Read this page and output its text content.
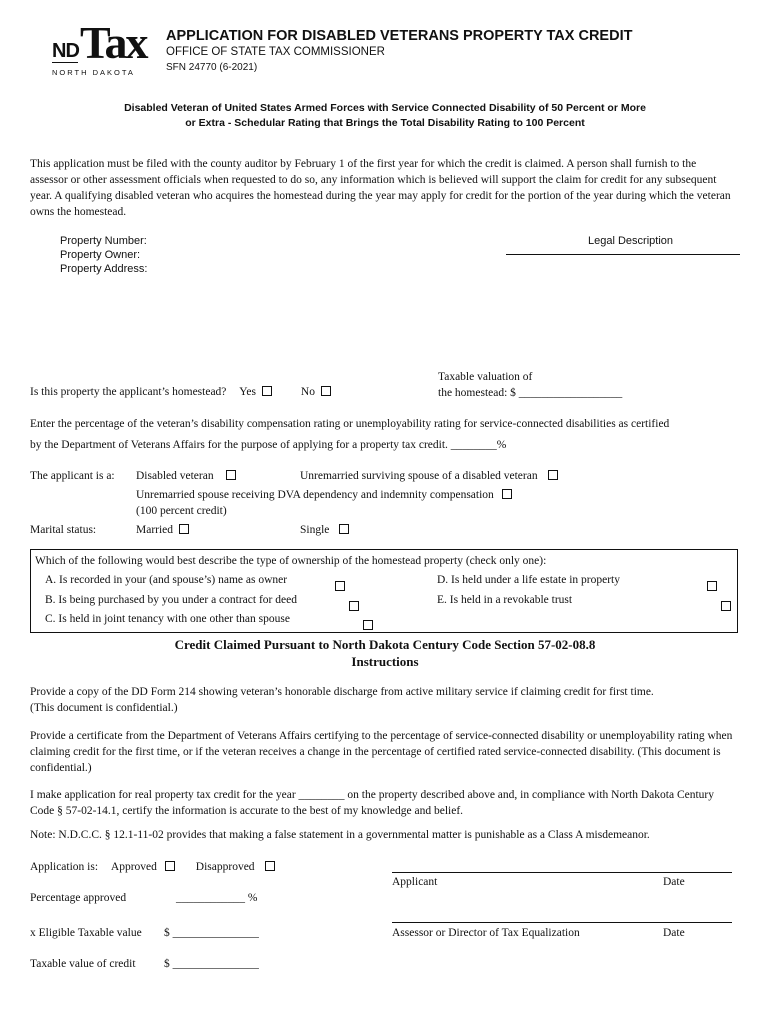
ND Tax
NORTH DAKOTA
APPLICATION FOR DISABLED VETERANS PROPERTY TAX CREDIT
OFFICE OF STATE TAX COMMISSIONER
SFN 24770 (6-2021)
Disabled Veteran of United States Armed Forces with Service Connected Disability of 50 Percent or More
or Extra - Schedular Rating that Brings the Total Disability Rating to 100 Percent
This application must be filed with the county auditor by February 1 of the first year for which the credit is claimed. A person shall furnish to the assessor or other assessment officials when requested to do so, any information which is believed will support the claim for credit for any subsequent year. A qualifying disabled veteran who acquires the homestead during the year may apply for credit for the portion of the year during which the veteran owns the homestead.
Property Number:
Property Owner:
Property Address:
Legal Description
Is this property the applicant’s homestead? Yes	No
Taxable valuation of
the homestead: $ __________________
Enter the percentage of the veteran’s disability compensation rating or unemployability rating for service-connected disabilities as certified
by the Department of Veterans Affairs for the purpose of applying for a property tax credit. ________%
The applicant is a: Disabled veteran	Unremarried surviving spouse of a disabled veteran
Unremarried spouse receiving DVA dependency and indemnity compensation
(100 percent credit)
Marital status:	Married	Single
Which of the following would best describe the type of ownership of the homestead property (check only one):
A. Is recorded in your (and spouse’s) name as owner

B. Is being purchased by you under a contract for deed

C. Is held in joint tenancy with one other than spouse

D. Is held under a life estate in property

E. Is held in a revokable trust
Credit Claimed Pursuant to North Dakota Century Code Section 57-02-08.8
Instructions
Provide a copy of the DD Form 214 showing veteran’s honorable discharge from active military service if claiming credit for first time.
(This document is confidential.)
Provide a certificate from the Department of Veterans Affairs certifying to the percentage of service-connected disability or unemployability rating when claiming credit for the first time, or if the veteran receives a change in the percentage of certified rated service-connected disability. (This document is confidential.)
I make application for real property tax credit for the year ________ on the property described above and, in compliance with North Dakota Century Code § 57-02-14.1, certify the information is accurate to the best of my knowledge and belief.
Note: N.D.C.C. § 12.1-11-02 provides that making a false statement in a governmental matter is punishable as a Class A misdemeanor.
Application is: Approved	Disapproved
Percentage approved	____________ %
x Eligible Taxable value $ _______________
Taxable value of credit $ _______________
Applicant	Date
Assessor or Director of Tax Equalization	Date
